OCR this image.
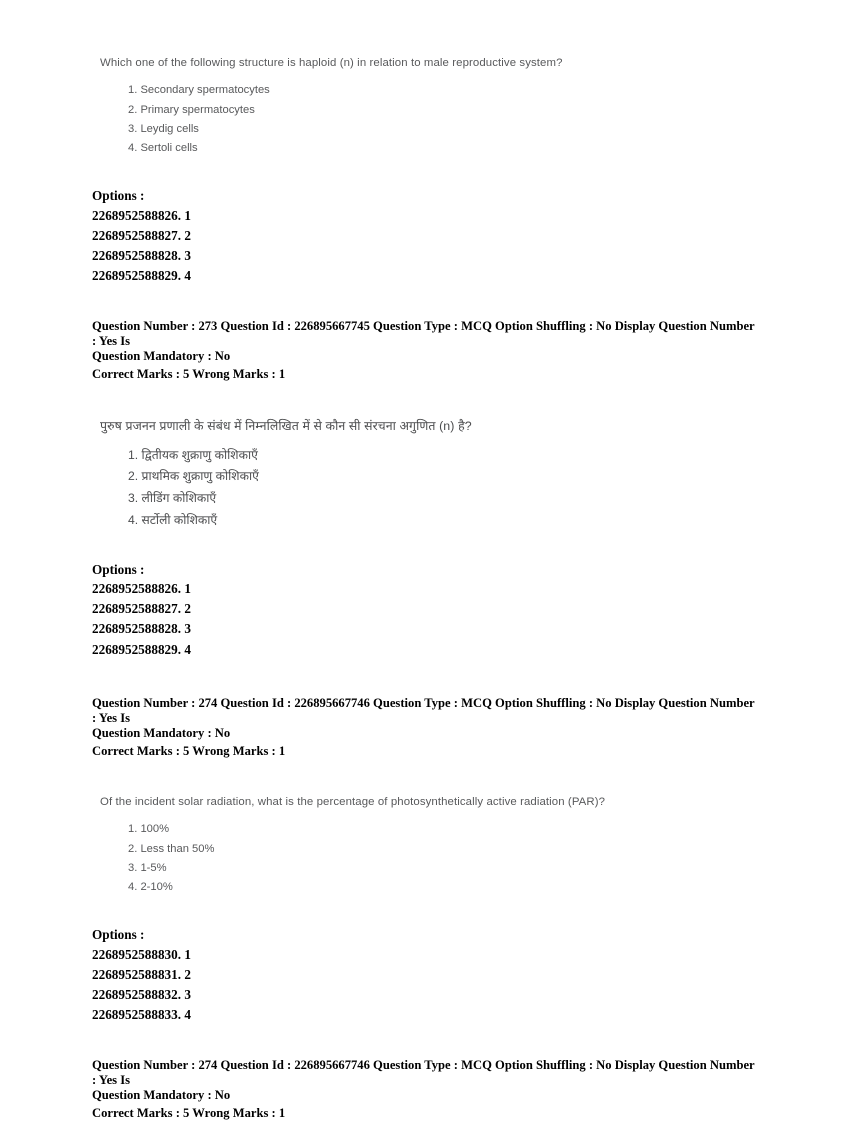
Which one of the following structure is haploid (n) in relation to male reproductive system?

1. Secondary spermatocytes
2. Primary spermatocytes
3. Leydig cells
4. Sertoli cells

Options :

2268952588826. 1
2268952588827. 2
2268952588828. 3
2268952588829. 4

Question Number : 273 Question Id : 226895667745 Question Type : MCQ Option Shuffling : No Display Question Number : Yes Is
Question Mandatory : No
Correct Marks : 5 Wrong Marks : 1

पुरुष प्रजनन प्रणाली के संबंध में निम्नलिखित में से कौन सी संरचना अगुणित (n) है?

1. द्वितीयक शुक्राणु कोशिकाएँ
2. प्राथमिक शुक्राणु कोशिकाएँ
3. लीडिंग कोशिकाएँ
4. सर्टोली कोशिकाएँ

Options :

2268952588826. 1
2268952588827. 2
2268952588828. 3
2268952588829. 4

Question Number : 274 Question Id : 226895667746 Question Type : MCQ Option Shuffling : No Display Question Number : Yes Is
Question Mandatory : No
Correct Marks : 5 Wrong Marks : 1

Of the incident solar radiation, what is the percentage of photosynthetically active radiation (PAR)?

1. 100%
2. Less than 50%
3. 1-5%
4. 2-10%

Options :

2268952588830. 1
2268952588831. 2
2268952588832. 3
2268952588833. 4

Question Number : 274 Question Id : 226895667746 Question Type : MCQ Option Shuffling : No Display Question Number : Yes Is
Question Mandatory : No
Correct Marks : 5 Wrong Marks : 1
